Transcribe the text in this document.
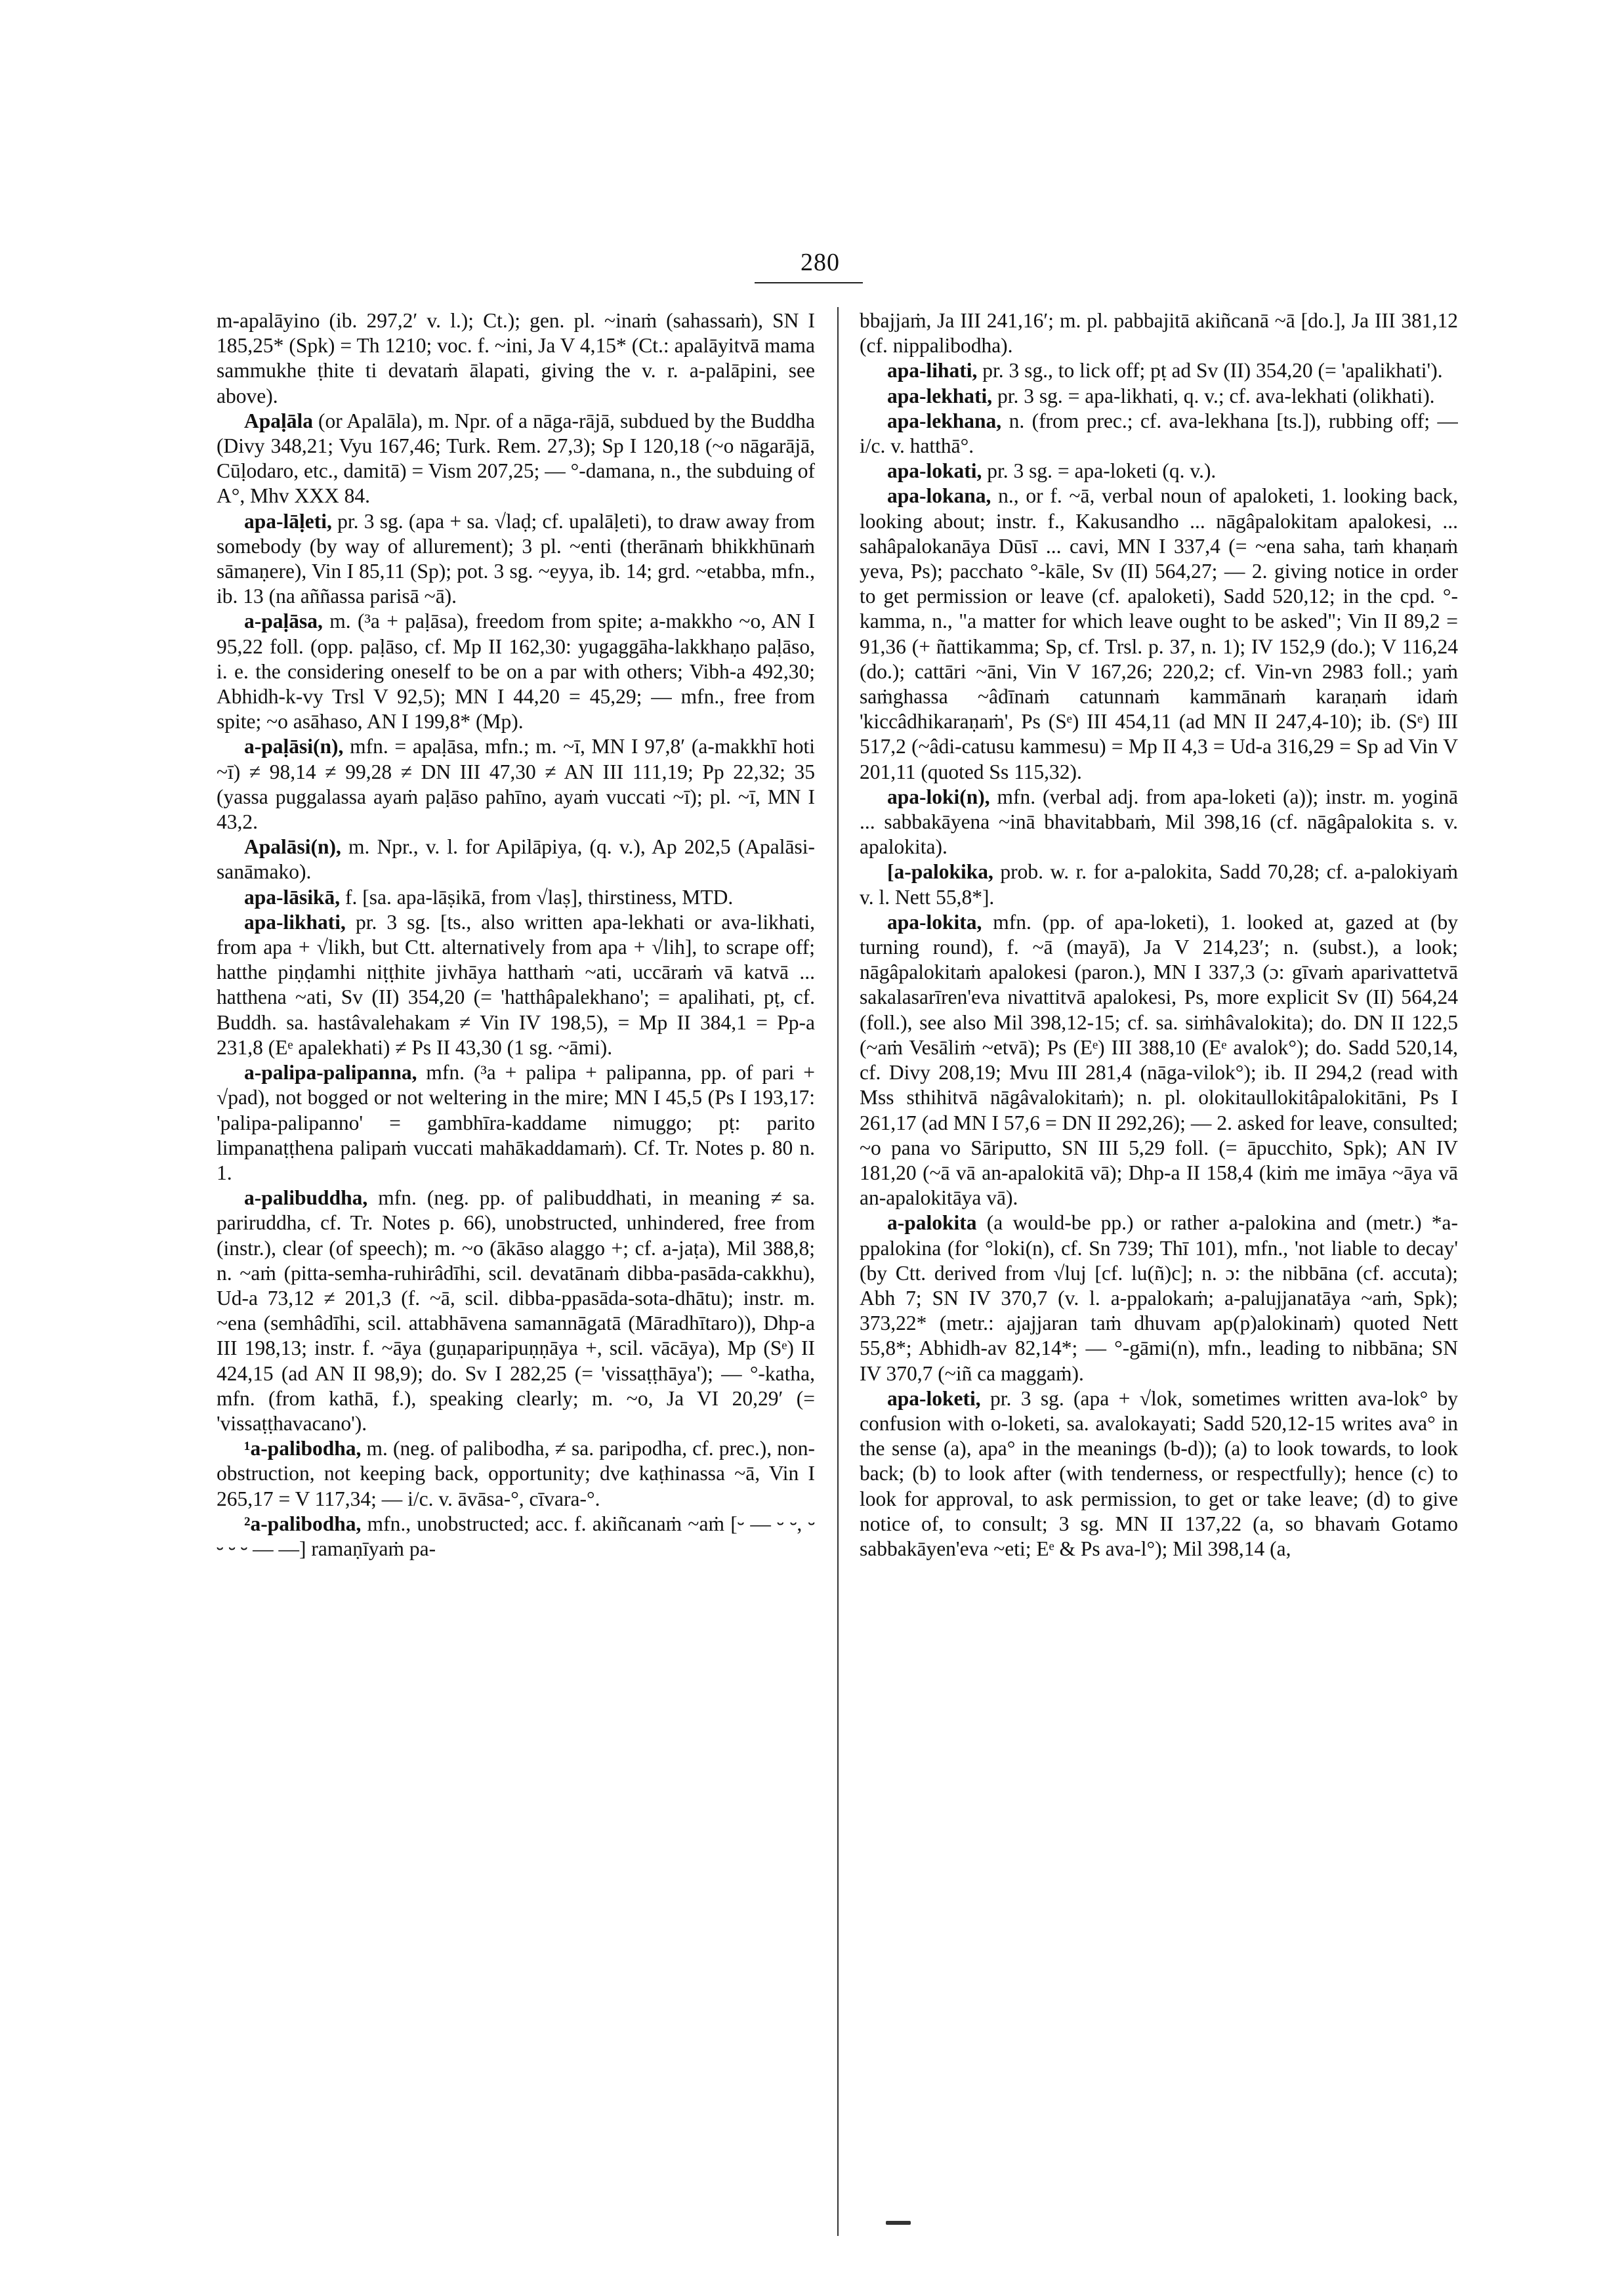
280

m-apalāyino (ib. 297,2′ v. l.); Ct.); gen. pl. ~inaṁ (sahassaṁ), SN I 185,25* (Spk) = Th 1210; voc. f. ~ini, Ja V 4,15* (Ct.: apalāyitvā mama sammukhe ṭhite ti devataṁ ālapati, giving the v. r. a-palāpini, see above).

Apaḷāla (or Apalāla), m. Npr. of a nāga-rājā, subdued by the Buddha (Divy 348,21; Vyu 167,46; Turk. Rem. 27,3); Sp I 120,18 (~o nāgarājā, Cūḷodaro, etc., damitā) = Vism 207,25; — °-damana, n., the subduing of A°, Mhv XXX 84.

apa-lāḷeti, pr. 3 sg. (apa + sa. √laḍ; cf. upalāḷeti), to draw away from somebody (by way of allurement); 3 pl. ~enti (therānaṁ bhikkhūnaṁ sāmaṇere), Vin I 85,11 (Sp); pot. 3 sg. ~eyya, ib. 14; grd. ~etabba, mfn., ib. 13 (na aññassa parisā ~ā).

a-paḷāsa, m. (³a + paḷāsa), freedom from spite; a-makkho ~o, AN I 95,22 foll. (opp. paḷāso, cf. Mp II 162,30: yugaggāha-lakkhaṇo paḷāso, i. e. the considering oneself to be on a par with others; Vibh-a 492,30; Abhidh-k-vy Trsl V 92,5); MN I 44,20 = 45,29; — mfn., free from spite; ~o asāhaso, AN I 199,8* (Mp).

a-paḷāsi(n), mfn. = apaḷāsa, mfn.; m. ~ī, MN I 97,8′ (a-makkhī hoti ~ī) ≠ 98,14 ≠ 99,28 ≠ DN III 47,30 ≠ AN III 111,19; Pp 22,32; 35 (yassa puggalassa ayaṁ paḷāso pahīno, ayaṁ vuccati ~ī); pl. ~ī, MN I 43,2.

Apalāsi(n), m. Npr., v. l. for Apilāpiya, (q. v.), Ap 202,5 (Apalāsi-sanāmako).

apa-lāsikā, f. [sa. apa-lāṣikā, from √laṣ], thirstiness, MTD.

apa-likhati, pr. 3 sg. [ts., also written apa-lekhati or ava-likhati, from apa + √likh, but Ctt. alternatively from apa + √lih], to scrape off; hatthe piṇḍamhi niṭṭhite jivhāya hatthaṁ ~ati, uccāraṁ vā katvā ... hatthena ~ati, Sv (II) 354,20 (= 'hatthâpalekhano'; = apalihati, pṭ, cf. Buddh. sa. hastâvalehakam ≠ Vin IV 198,5), = Mp II 384,1 = Pp-a 231,8 (Eᵉ apalekhati) ≠ Ps II 43,30 (1 sg. ~āmi).

a-palipa-palipanna, mfn. (³a + palipa + palipanna, pp. of pari + √pad), not bogged or not weltering in the mire; MN I 45,5 (Ps I 193,17: 'palipa-palipanno' = gambhīra-kaddame nimuggo; pṭ: parito limpanaṭṭhena palipaṁ vuccati mahākaddamaṁ). Cf. Tr. Notes p. 80 n. 1.

a-palibuddha, mfn. (neg. pp. of palibuddhati, in meaning ≠ sa. pariruddha, cf. Tr. Notes p. 66), unobstructed, unhindered, free from (instr.), clear (of speech); m. ~o (ākāso alaggo +; cf. a-jaṭa), Mil 388,8; n. ~aṁ (pitta-semha-ruhirâdīhi, scil. devatānaṁ dibba-pasāda-cakkhu), Ud-a 73,12 ≠ 201,3 (f. ~ā, scil. dibba-ppasāda-sota-dhātu); instr. m. ~ena (semhâdīhi, scil. attabhāvena samannāgatā (Māradhītaro)), Dhp-a III 198,13; instr. f. ~āya (guṇaparipuṇṇāya +, scil. vācāya), Mp (Sᵉ) II 424,15 (ad AN II 98,9); do. Sv I 282,25 (= 'vissaṭṭhāya'); — °-katha, mfn. (from kathā, f.), speaking clearly; m. ~o, Ja VI 20,29′ (= 'vissaṭṭhavacano').

¹a-palibodha, m. (neg. of palibodha, ≠ sa. paripodha, cf. prec.), non-obstruction, not keeping back, opportunity; dve kaṭhinassa ~ā, Vin I 265,17 = V 117,34; — i/c. v. āvāsa-°, cīvara-°.

²a-palibodha, mfn., unobstructed; acc. f. akiñcanaṁ ~aṁ [⏑ — ⏑ ⏑, ⏑ ⏑ ⏑ ⏑ — —] ramaṇīyaṁ pa-

bbajjaṁ, Ja III 241,16′; m. pl. pabbajitā akiñcanā ~ā [do.], Ja III 381,12 (cf. nippalibodha).

apa-lihati, pr. 3 sg., to lick off; pṭ ad Sv (II) 354,20 (= 'apalikhati').

apa-lekhati, pr. 3 sg. = apa-likhati, q. v.; cf. ava-lekhati (olikhati).

apa-lekhana, n. (from prec.; cf. ava-lekhana [ts.]), rubbing off; — i/c. v. hatthā°.

apa-lokati, pr. 3 sg. = apa-loketi (q. v.).

apa-lokana, n., or f. ~ā, verbal noun of apaloketi, 1. looking back, looking about; instr. f., Kakusandho ... nāgâpalokitam apalokesi, ... sahâpalokanāya Dūsī ... cavi, MN I 337,4 (= ~ena saha, taṁ khaṇaṁ yeva, Ps); pacchato °-kāle, Sv (II) 564,27; — 2. giving notice in order to get permission or leave (cf. apaloketi), Sadd 520,12; in the cpd. °-kamma, n., "a matter for which leave ought to be asked"; Vin II 89,2 = 91,36 (+ ñattikamma; Sp, cf. Trsl. p. 37, n. 1); IV 152,9 (do.); V 116,24 (do.); cattāri ~āni, Vin V 167,26; 220,2; cf. Vin-vn 2983 foll.; yaṁ saṁghassa ~âdīnaṁ catunnaṁ kammānaṁ karaṇaṁ idaṁ 'kiccâdhikaraṇaṁ', Ps (Sᵉ) III 454,11 (ad MN II 247,4-10); ib. (Sᵉ) III 517,2 (~âdi-catusu kammesu) = Mp II 4,3 = Ud-a 316,29 = Sp ad Vin V 201,11 (quoted Ss 115,32).

apa-loki(n), mfn. (verbal adj. from apa-loketi (a)); instr. m. yoginā ... sabbakāyena ~inā bhavitabbaṁ, Mil 398,16 (cf. nāgâpalokita s. v. apalokita).

[a-palokika, prob. w. r. for a-palokita, Sadd 70,28; cf. a-palokiyaṁ v. l. Nett 55,8*].

apa-lokita, mfn. (pp. of apa-loketi), 1. looked at, gazed at (by turning round), f. ~ā (mayā), Ja V 214,23′; n. (subst.), a look; nāgâpalokitaṁ apalokesi (paron.), MN I 337,3 (ɔ: gīvaṁ aparivattetvā sakalasarīren'eva nivattitvā apalokesi, Ps, more explicit Sv (II) 564,24 (foll.), see also Mil 398,12-15; cf. sa. siṁhâvalokita); do. DN II 122,5 (~aṁ Vesāliṁ ~etvā); Ps (Eᵉ) III 388,10 (Eᵉ avalok°); do. Sadd 520,14, cf. Divy 208,19; Mvu III 281,4 (nāga-vilok°); ib. II 294,2 (read with Mss sthihitvā nāgâvalokitaṁ); n. pl. olokitaullokitâpalokitāni, Ps I 261,17 (ad MN I 57,6 = DN II 292,26); — 2. asked for leave, consulted; ~o pana vo Sāriputto, SN III 5,29 foll. (= āpucchito, Spk); AN IV 181,20 (~ā vā an-apalokitā vā); Dhp-a II 158,4 (kiṁ me imāya ~āya vā an-apalokitāya vā).

a-palokita (a would-be pp.) or rather a-palokina and (metr.) *a-ppalokina (for °loki(n), cf. Sn 739; Thī 101), mfn., 'not liable to decay' (by Ctt. derived from √luj [cf. lu(ñ)c]; n. ɔ: the nibbāna (cf. accuta); Abh 7; SN IV 370,7 (v. l. a-ppalokaṁ; a-palujjanatāya ~aṁ, Spk); 373,22* (metr.: ajajjaran taṁ dhuvam ap(p)alokinaṁ) quoted Nett 55,8*; Abhidh-av 82,14*; — °-gāmi(n), mfn., leading to nibbāna; SN IV 370,7 (~iñ ca maggaṁ).

apa-loketi, pr. 3 sg. (apa + √lok, sometimes written ava-lok° by confusion with o-loketi, sa. avalokayati; Sadd 520,12-15 writes ava° in the sense (a), apa° in the meanings (b-d)); (a) to look towards, to look back; (b) to look after (with tenderness, or respectfully); hence (c) to look for approval, to ask permission, to get or take leave; (d) to give notice of, to consult; 3 sg. MN II 137,22 (a, so bhavaṁ Gotamo sabbakāyen'eva ~eti; Eᵉ & Ps ava-l°); Mil 398,14 (a,
